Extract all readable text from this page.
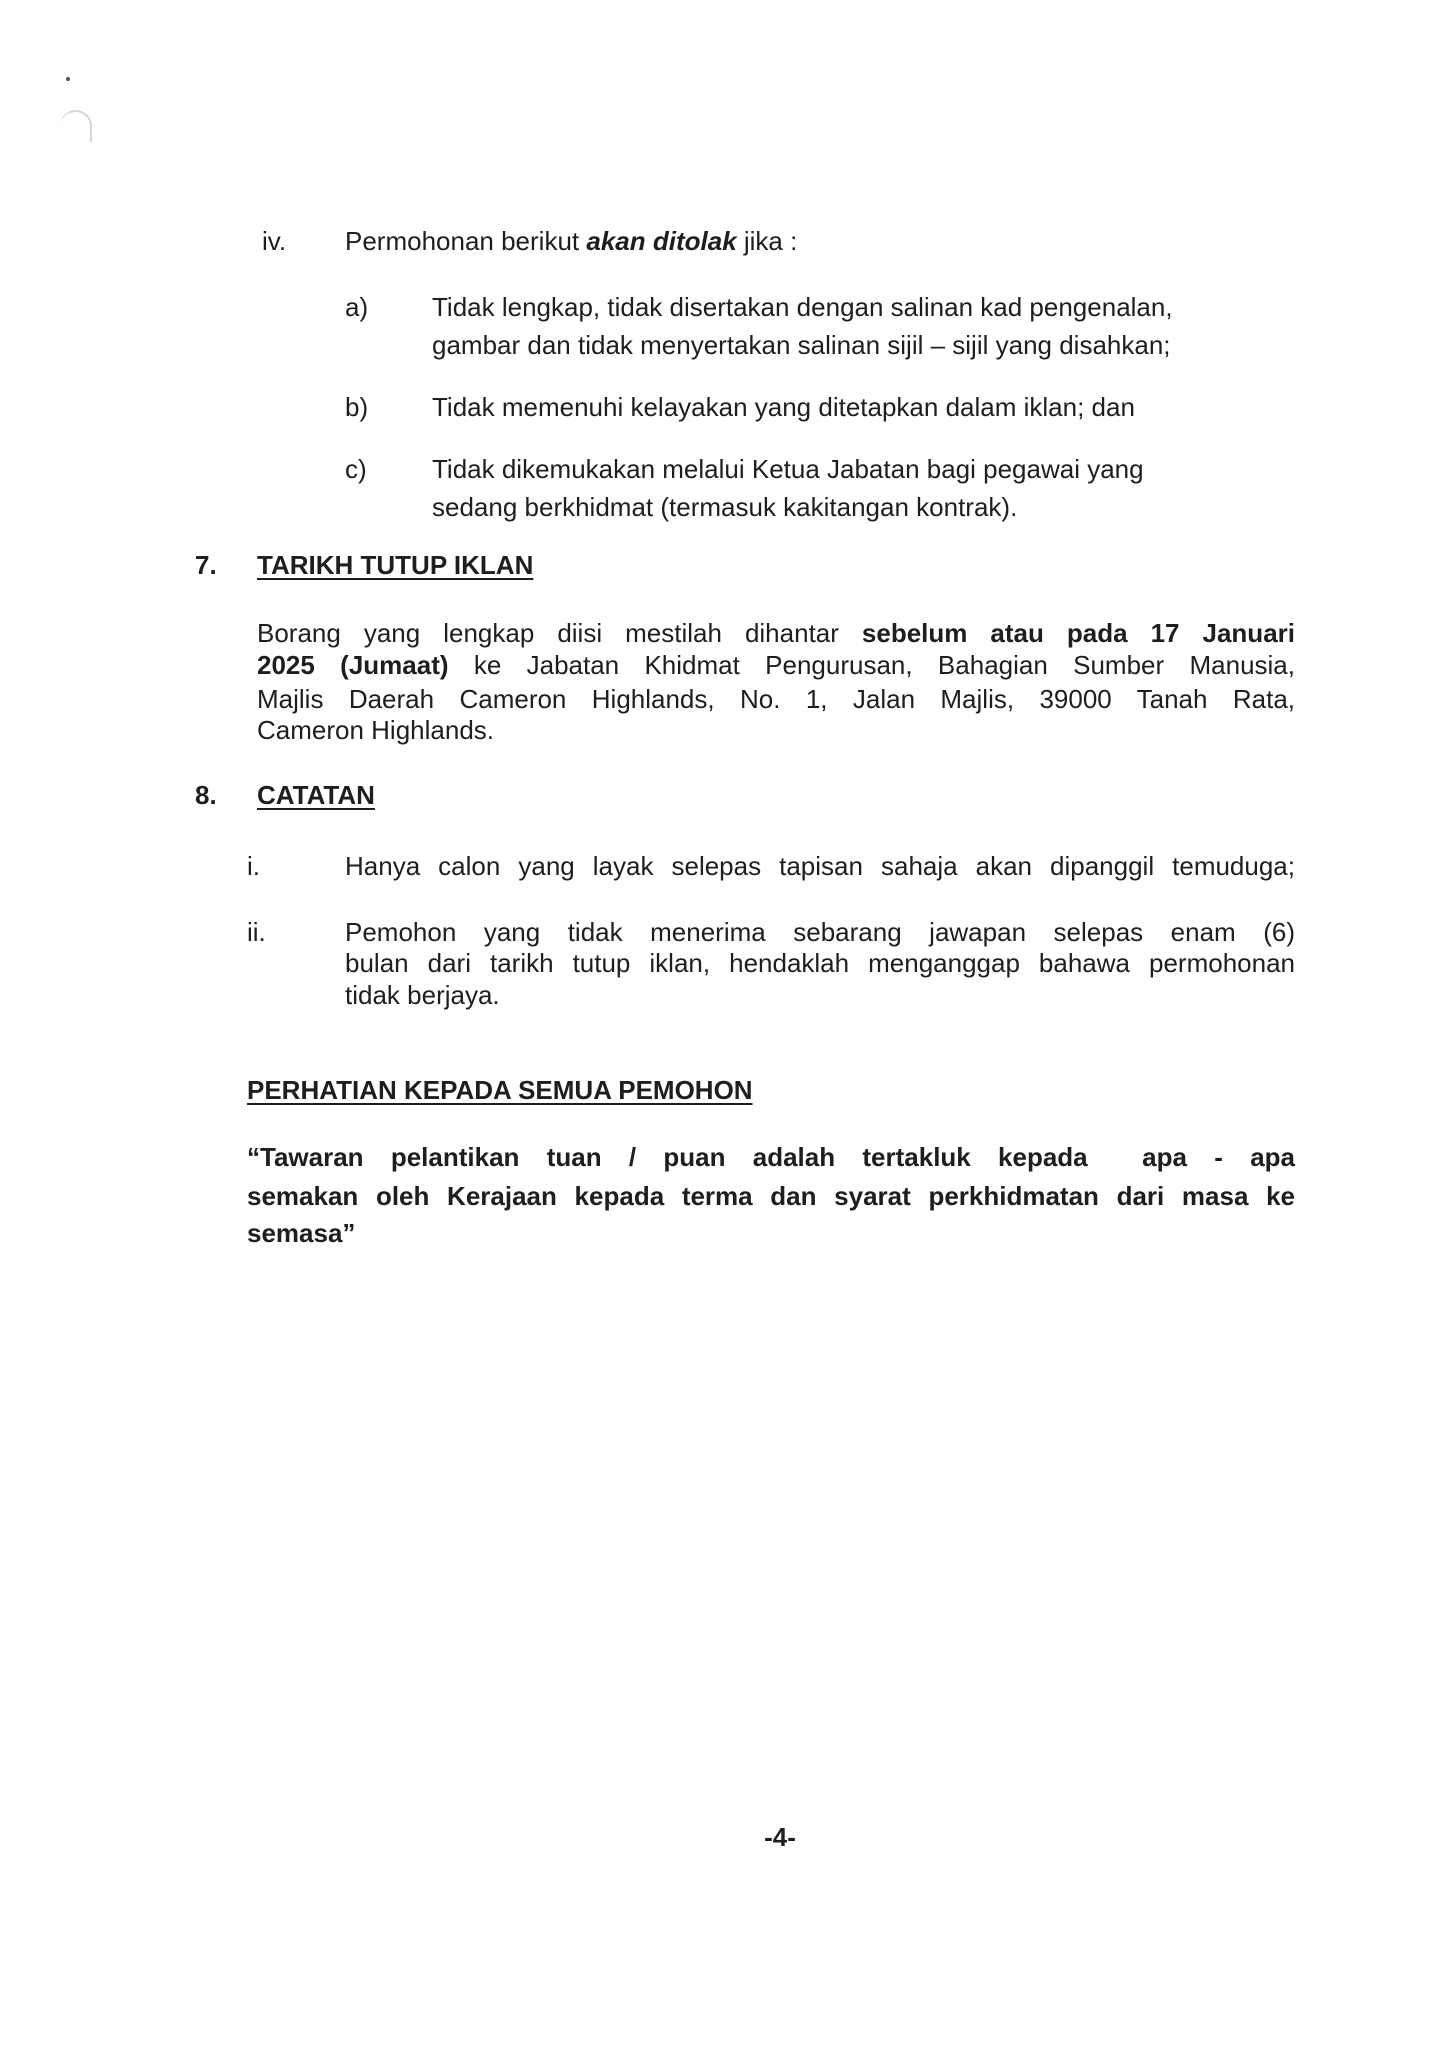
iv. Permohonan berikut akan ditolak jika :
a) Tidak lengkap, tidak disertakan dengan salinan kad pengenalan,
gambar dan tidak menyertakan salinan sijil – sijil yang disahkan;
b) Tidak memenuhi kelayakan yang ditetapkan dalam iklan; dan
c)	Tidak dikemukakan melalui Ketua Jabatan bagi pegawai yang
sedang berkhidmat (termasuk kakitangan kontrak).
7. TARIKH TUTUP IKLAN
Borang yang lengkap diisi mestilah dihantar sebelum atau pada 17 Januari
2025 (Jumaat) ke Jabatan Khidmat Pengurusan, Bahagian Sumber Manusia,
Majlis Daerah Cameron Highlands, No. 1, Jalan Majlis, 39000 Tanah Rata,
Cameron Highlands.
8. CATATAN
i.	Hanya calon yang layak selepas tapisan sahaja akan dipanggil temuduga;
ii.	Pemohon yang tidak menerima sebarang jawapan selepas enam (6)
bulan dari tarikh tutup iklan, hendaklah menganggap bahawa permohonan
tidak berjaya.
PERHATIAN KEPADA SEMUA PEMOHON
“Tawaran pelantikan tuan / puan adalah tertakluk kepada  apa - apa
semakan oleh Kerajaan kepada terma dan syarat perkhidmatan dari masa ke
semasa”
-4-
